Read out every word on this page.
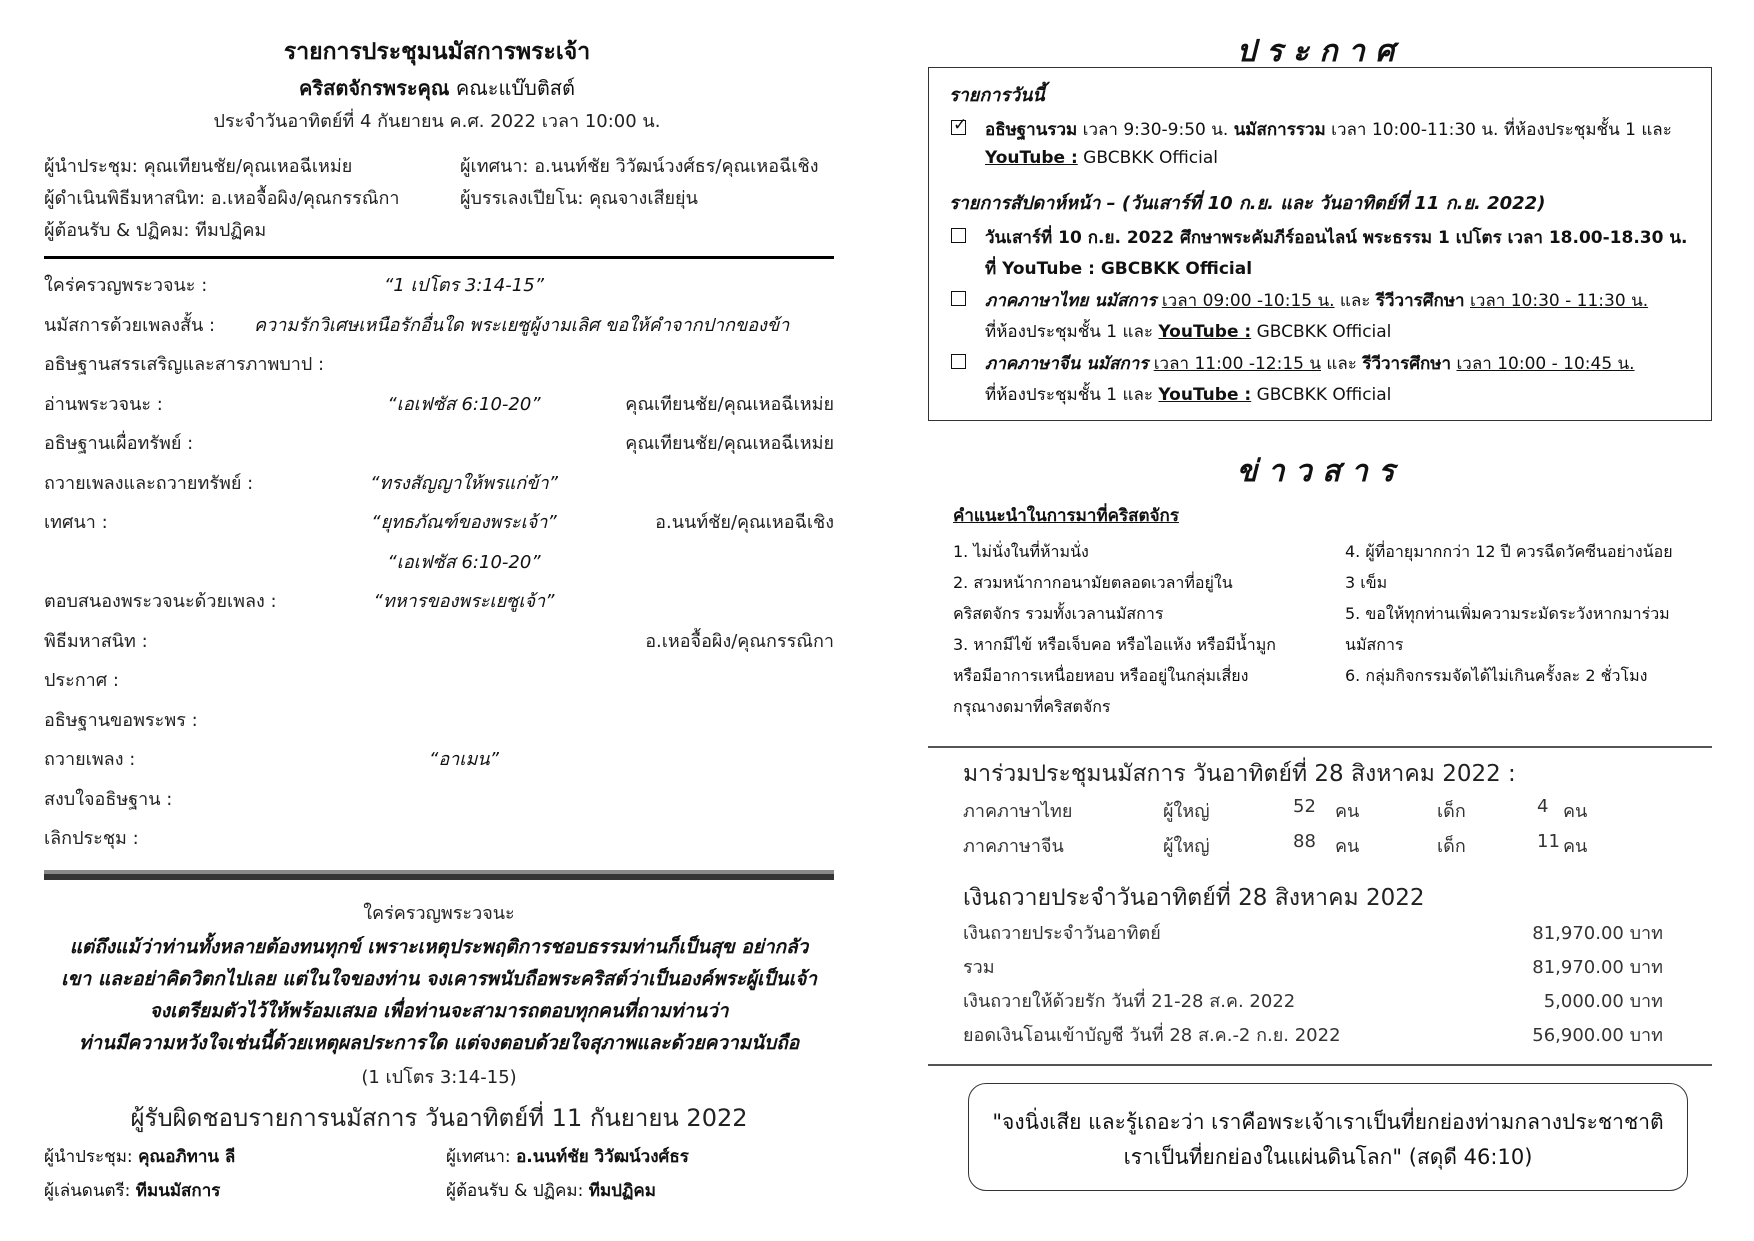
รายการประชุมนมัสการพระเจ้า
คริสตจักรพระคุณ คณะแบ๊บติสต์
ประจำวันอาทิตย์ที่ 4 กันยายน ค.ศ. 2022 เวลา 10:00 น.
ผู้นำประชุม: คุณเทียนชัย/คุณเหอฉีเหม่ย	ผู้เทศนา: อ.นนท์ชัย วิวัฒน์วงศ์ธร/คุณเหอฉีเชิง
ผู้ดำเนินพิธีมหาสนิท: อ.เหอจื้อผิง/คุณกรรณิกา	ผู้บรรเลงเปียโน: คุณจางเสียยุ่น
ผู้ต้อนรับ & ปฏิคม: ทีมปฏิคม
ใคร่ครวญพระวจนะ :	“1 เปโตร 3:14-15”
นมัสการด้วยเพลงสั้น : ความรักวิเศษเหนือรักอื่นใด พระเยซูผู้งามเลิศ ขอให้คำจากปากของข้า
อธิษฐานสรรเสริญและสารภาพบาป :
อ่านพระวจนะ :	“เอเฟซัส 6:10-20”	คุณเทียนชัย/คุณเหอฉีเหม่ย
อธิษฐานเผื่อทรัพย์ :	คุณเทียนชัย/คุณเหอฉีเหม่ย
ถวายเพลงและถวายทรัพย์ :	“ทรงสัญญาให้พรแก่ข้า”
เทศนา :	“ยุทธภัณฑ์ของพระเจ้า”	อ.นนท์ชัย/คุณเหอฉีเชิง
“เอเฟซัส 6:10-20”
ตอบสนองพระวจนะด้วยเพลง :	“ทหารของพระเยซูเจ้า”
พิธีมหาสนิท :	อ.เหอจื้อผิง/คุณกรรณิกา
ประกาศ :
อธิษฐานขอพระพร :
ถวายเพลง :	“อาเมน”
สงบใจอธิษฐาน :
เลิกประชุม :
ใคร่ครวญพระวจนะ
แต่ถึงแม้ว่าท่านทั้งหลายต้องทนทุกข์ เพราะเหตุประพฤติการชอบธรรมท่านก็เป็นสุข อย่ากลัว
เขา และอย่าคิดวิตกไปเลย แต่ในใจของท่าน จงเคารพนับถือพระคริสต์ว่าเป็นองค์พระผู้เป็นเจ้า
จงเตรียมตัวไว้ให้พร้อมเสมอ เพื่อท่านจะสามารถตอบทุกคนที่ถามท่านว่า
ท่านมีความหวังใจเช่นนี้ด้วยเหตุผลประการใด แต่จงตอบด้วยใจสุภาพและด้วยความนับถือ
(1 เปโตร 3:14-15)
ผู้รับผิดชอบรายการนมัสการ วันอาทิตย์ที่ 11 กันยายน 2022
ผู้นำประชุม: คุณอภิทาน ลี	ผู้เทศนา: อ.นนท์ชัย วิวัฒน์วงศ์ธร
ผู้เล่นดนตรี: ทีมนมัสการ	ผู้ต้อนรับ & ปฏิคม: ทีมปฏิคม
ป ร ะ ก า ศ
รายการวันนี้
✓
อธิษฐานรวม เวลา 9:30-9:50 น. นมัสการรวม เวลา 10:00-11:30 น. ที่ห้องประชุมชั้น 1 และ
YouTube : GBCBKK Official
รายการสัปดาห์หน้า – (วันเสาร์ที่ 10 ก.ย. และ วันอาทิตย์ที่ 11 ก.ย. 2022)
วันเสาร์ที่ 10 ก.ย. 2022 ศึกษาพระคัมภีร์ออนไลน์ พระธรรม 1 เปโตร เวลา 18.00-18.30 น.
ที่ YouTube : GBCBKK Official
ภาคภาษาไทย นมัสการ เวลา 09:00 -10:15 น. และ รีวีวารศึกษา เวลา 10:30 - 11:30 น.
ที่ห้องประชุมชั้น 1 และ YouTube : GBCBKK Official
ภาคภาษาจีน นมัสการ เวลา 11:00 -12:15 น และ รีวีวารศึกษา เวลา 10:00 - 10:45 น.
ที่ห้องประชุมชั้น 1 และ YouTube : GBCBKK Official
ข่ า ว ส า ร
คำแนะนำในการมาที่คริสตจักร
1. ไม่นั่งในที่ห้ามนั่ง
2. สวมหน้ากากอนามัยตลอดเวลาที่อยู่ใน
คริสตจักร รวมทั้งเวลานมัสการ
3. หากมีไข้ หรือเจ็บคอ หรือไอแห้ง หรือมีน้ำมูก
หรือมีอาการเหนื่อยหอบ หรืออยู่ในกลุ่มเสี่ยง
กรุณางดมาที่คริสตจักร
4. ผู้ที่อายุมากกว่า 12 ปี ควรฉีดวัคซีนอย่างน้อย
3 เข็ม
5. ขอให้ทุกท่านเพิ่มความระมัดระวังหากมาร่วม
นมัสการ
6. กลุ่มกิจกรรมจัดได้ไม่เกินครั้งละ 2 ชั่วโมง
มาร่วมประชุมนมัสการ วันอาทิตย์ที่ 28 สิงหาคม 2022 :
ภาคภาษาไทย	ผู้ใหญ่	52 คน	เด็ก	4 คน
ภาคภาษาจีน	ผู้ใหญ่	88 คน	เด็ก	11 คน
เงินถวายประจำวันอาทิตย์ที่ 28 สิงหาคม 2022
เงินถวายประจำวันอาทิตย์	81,970.00 บาท
รวม	81,970.00 บาท
เงินถวายให้ด้วยรัก วันที่ 21-28 ส.ค. 2022	5,000.00 บาท
ยอดเงินโอนเข้าบัญชี วันที่ 28 ส.ค.-2 ก.ย. 2022	56,900.00 บาท
"จงนิ่งเสีย และรู้เถอะว่า เราคือพระเจ้าเราเป็นที่ยกย่องท่ามกลางประชาชาติ
เราเป็นที่ยกย่องในแผ่นดินโลก" (สดุดี 46:10)
